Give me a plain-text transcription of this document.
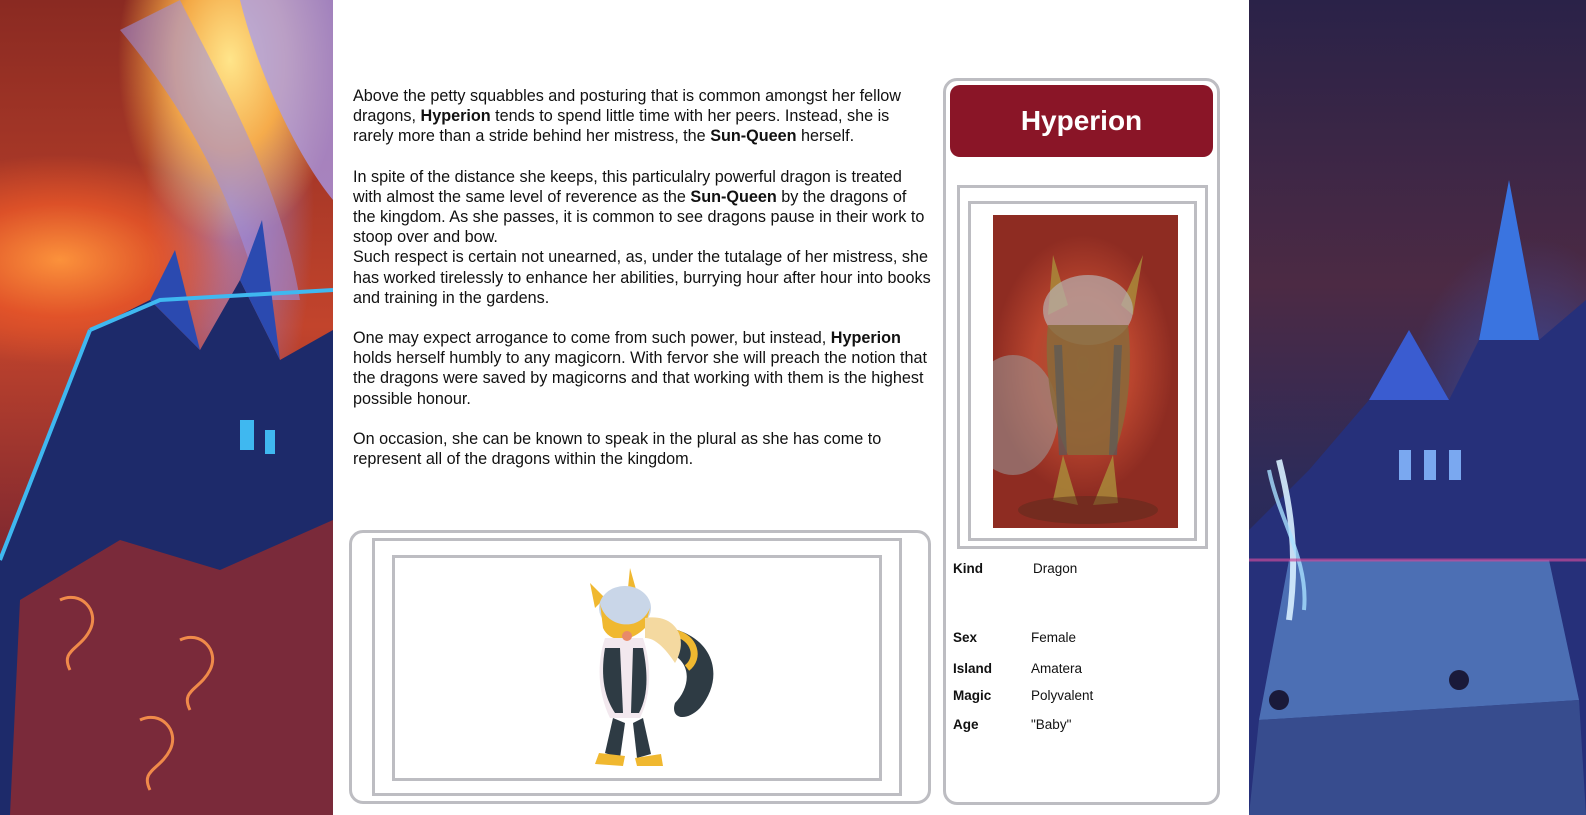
Above the petty squabbles and posturing that is common amongst her fellow dragons, Hyperion tends to spend little time with her peers. Instead, she is rarely more than a stride behind her mistress, the Sun-Queen herself.

In spite of the distance she keeps, this particulalry powerful dragon is treated with almost the same level of reverence as the Sun-Queen by the dragons of the kingdom. As she passes, it is common to see dragons pause in their work to stoop over and bow.

Such respect is certain not unearned, as, under the tutalage of her mistress, she has worked tirelessly to enhance her abilities, burrying hour after hour into books and training in the gardens.

One may expect arrogance to come from such power, but instead, Hyperion holds herself humbly to any magicorn. With fervor she will preach the notion that the dragons were saved by magicorns and that working with them is the highest possible honour.

On occasion, she can be known to speak in the plural as she has come to represent all of the dragons within the kingdom.

Hyperion
Kind	Dragon
Sex	Female
Island	Amatera
Magic	Polyvalent
Age	"Baby"
